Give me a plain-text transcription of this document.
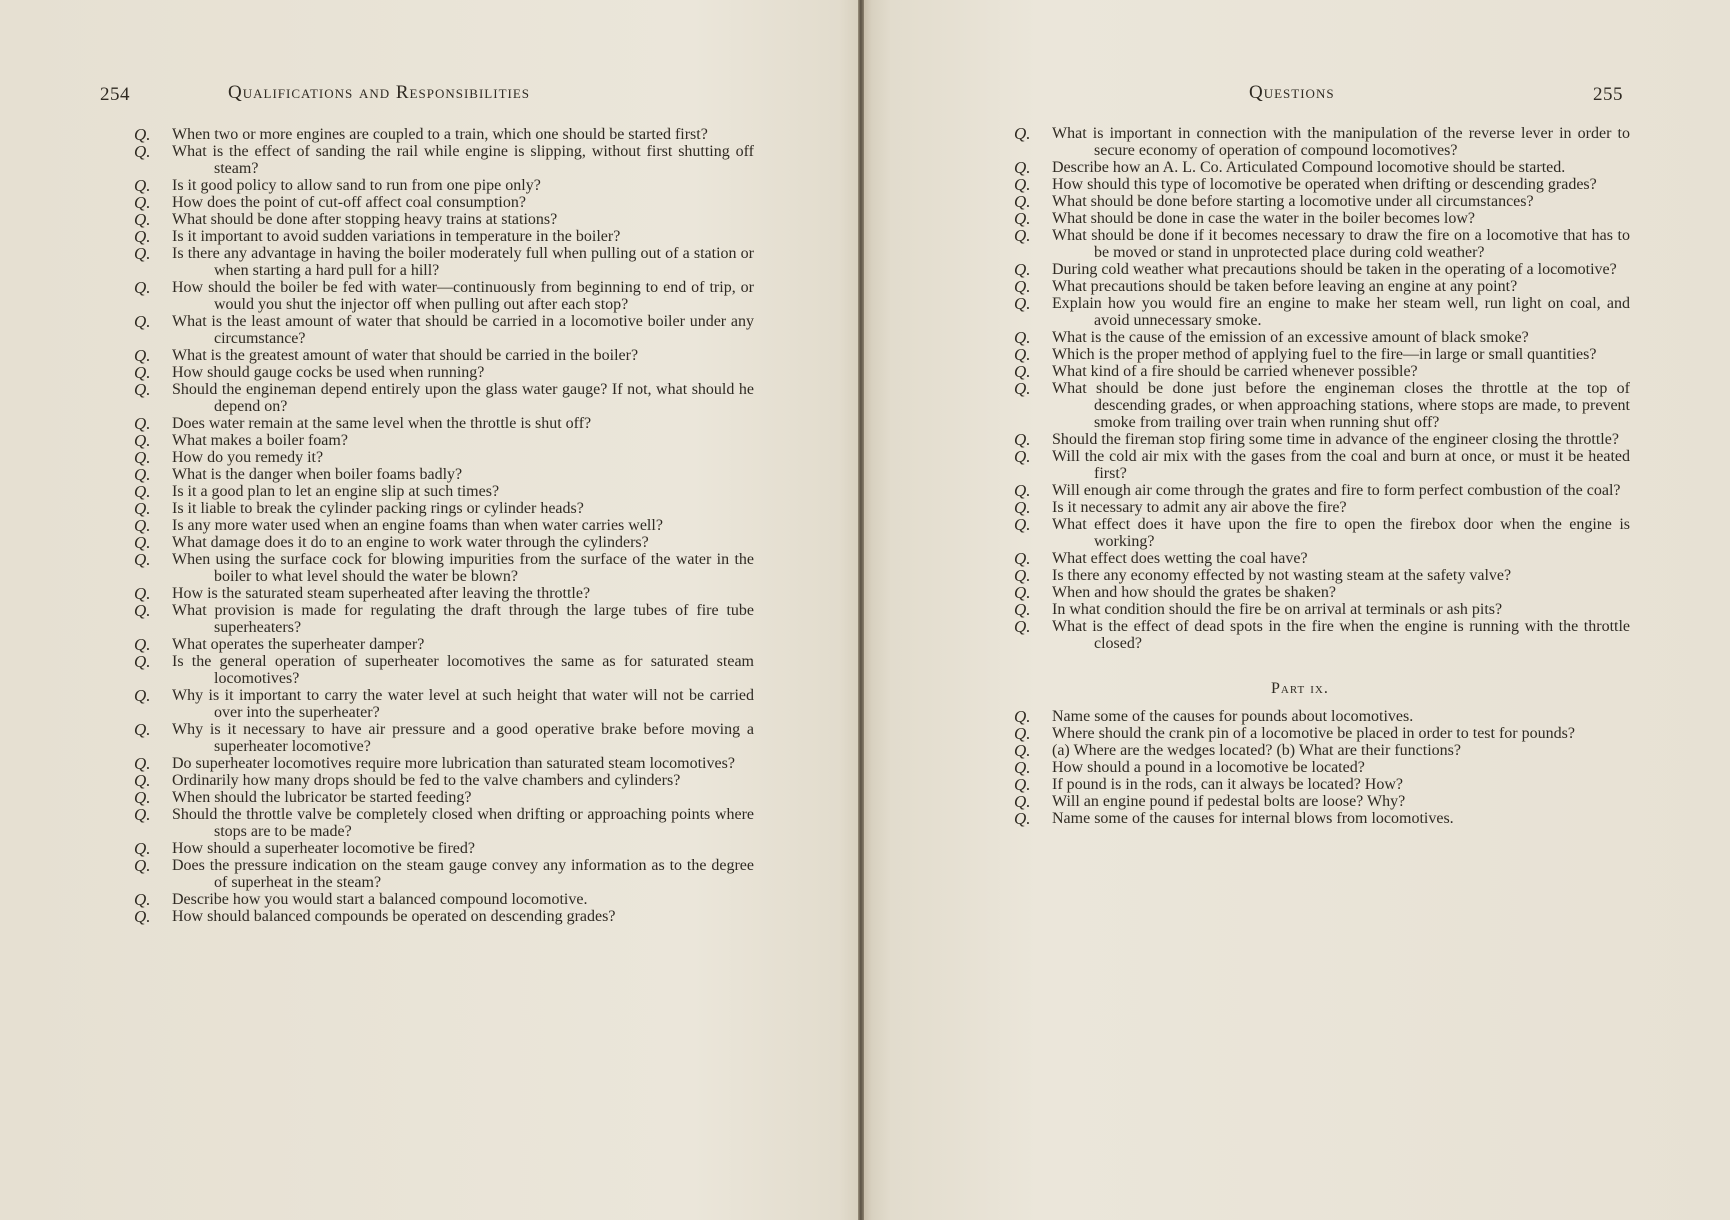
254	Qualifications and Responsibilities
Q. When two or more engines are coupled to a train, which one should be started first?
Q. What is the effect of sanding the rail while engine is slipping, without first shutting off steam?
Q. Is it good policy to allow sand to run from one pipe only?
Q. How does the point of cut-off affect coal consumption?
Q. What should be done after stopping heavy trains at stations?
Q. Is it important to avoid sudden variations in temperature in the boiler?
Q. Is there any advantage in having the boiler moderately full when pulling out of a station or when starting a hard pull for a hill?
Q. How should the boiler be fed with water—continuously from beginning to end of trip, or would you shut the injector off when pulling out after each stop?
Q. What is the least amount of water that should be carried in a locomotive boiler under any circumstance?
Q. What is the greatest amount of water that should be carried in the boiler?
Q. How should gauge cocks be used when running?
Q. Should the engineman depend entirely upon the glass water gauge? If not, what should he depend on?
Q. Does water remain at the same level when the throttle is shut off?
Q. What makes a boiler foam?
Q. How do you remedy it?
Q. What is the danger when boiler foams badly?
Q. Is it a good plan to let an engine slip at such times?
Q. Is it liable to break the cylinder packing rings or cylinder heads?
Q. Is any more water used when an engine foams than when water carries well?
Q. What damage does it do to an engine to work water through the cylinders?
Q. When using the surface cock for blowing impurities from the surface of the water in the boiler to what level should the water be blown?
Q. How is the saturated steam superheated after leaving the throttle?
Q. What provision is made for regulating the draft through the large tubes of fire tube superheaters?
Q. What operates the superheater damper?
Q. Is the general operation of superheater locomotives the same as for saturated steam locomotives?
Q. Why is it important to carry the water level at such height that water will not be carried over into the superheater?
Q. Why is it necessary to have air pressure and a good operative brake before moving a superheater locomotive?
Q. Do superheater locomotives require more lubrication than saturated steam locomotives?
Q. Ordinarily how many drops should be fed to the valve chambers and cylinders?
Q. When should the lubricator be started feeding?
Q. Should the throttle valve be completely closed when drifting or approaching points where stops are to be made?
Q. How should a superheater locomotive be fired?
Q. Does the pressure indication on the steam gauge convey any information as to the degree of superheat in the steam?
Q. Describe how you would start a balanced compound locomotive.
Q. How should balanced compounds be operated on descending grades?
Questions	255
Q. What is important in connection with the manipulation of the reverse lever in order to secure economy of operation of compound locomotives?
Q. Describe how an A. L. Co. Articulated Compound locomotive should be started.
Q. How should this type of locomotive be operated when drifting or descending grades?
Q. What should be done before starting a locomotive under all circumstances?
Q. What should be done in case the water in the boiler becomes low?
Q. What should be done if it becomes necessary to draw the fire on a locomotive that has to be moved or stand in unprotected place during cold weather?
Q. During cold weather what precautions should be taken in the operating of a locomotive?
Q. What precautions should be taken before leaving an engine at any point?
Q. Explain how you would fire an engine to make her steam well, run light on coal, and avoid unnecessary smoke.
Q. What is the cause of the emission of an excessive amount of black smoke?
Q. Which is the proper method of applying fuel to the fire—in large or small quantities?
Q. What kind of a fire should be carried whenever possible?
Q. What should be done just before the engineman closes the throttle at the top of descending grades, or when approaching stations, where stops are made, to prevent smoke from trailing over train when running shut off?
Q. Should the fireman stop firing some time in advance of the engineer closing the throttle?
Q. Will the cold air mix with the gases from the coal and burn at once, or must it be heated first?
Q. Will enough air come through the grates and fire to form perfect combustion of the coal?
Q. Is it necessary to admit any air above the fire?
Q. What effect does it have upon the fire to open the firebox door when the engine is working?
Q. What effect does wetting the coal have?
Q. Is there any economy effected by not wasting steam at the safety valve?
Q. When and how should the grates be shaken?
Q. In what condition should the fire be on arrival at terminals or ash pits?
Q. What is the effect of dead spots in the fire when the engine is running with the throttle closed?
Part ix.
Q. Name some of the causes for pounds about locomotives.
Q. Where should the crank pin of a locomotive be placed in order to test for pounds?
Q. (a) Where are the wedges located? (b) What are their functions?
Q. How should a pound in a locomotive be located?
Q. If pound is in the rods, can it always be located? How?
Q. Will an engine pound if pedestal bolts are loose? Why?
Q. Name some of the causes for internal blows from locomotives.
